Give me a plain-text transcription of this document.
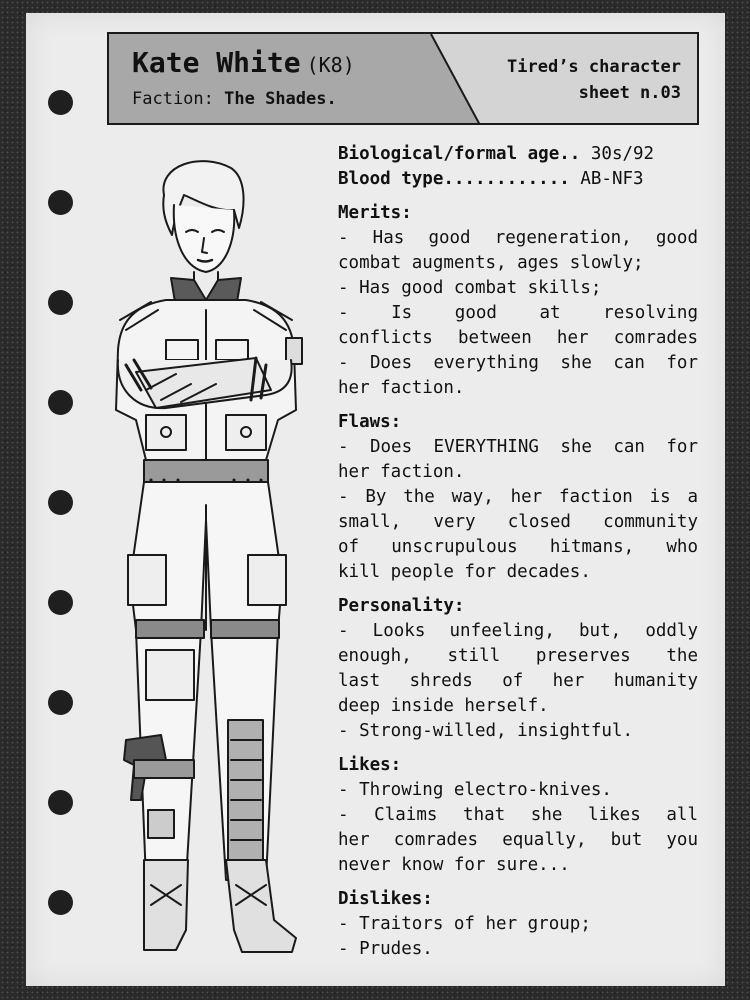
Kate White (K8)
Faction: The Shades.
Tired’s character
sheet n.03
Biological/formal age.. 30s/92
Blood type............ AB-NF3
Merits:
- Has good regeneration, good
combat augments, ages slowly;
- Has good combat skills;
- Is good at resolving
conflicts between her comrades
- Does everything she can for
her faction.
Flaws:
- Does EVERYTHING she can for
her faction.
- By the way, her faction is a
small, very closed community
of unscrupulous hitmans, who
kill people for decades.
Personality:
- Looks unfeeling, but, oddly
enough, still preserves the
last shreds of her humanity
deep inside herself.
- Strong-willed, insightful.
Likes:
- Throwing electro-knives.
- Claims that she likes all
her comrades equally, but you
never know for sure...
Dislikes:
- Traitors of her group;
- Prudes.
